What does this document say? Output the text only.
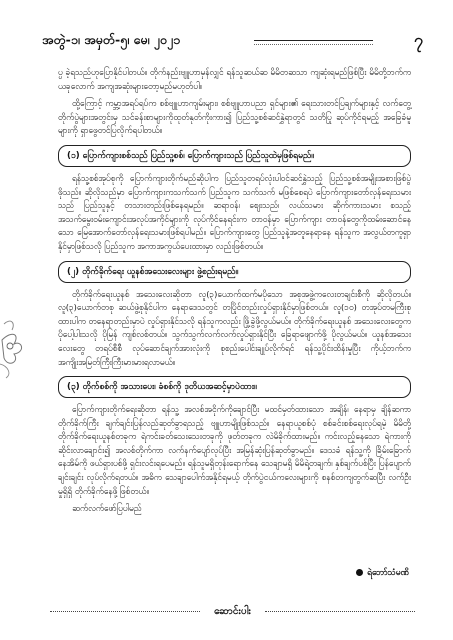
အတွဲ-၁၊ အမှတ်-၅၊ မေ၊ ၂၀၂၁	၇

ပ္ပ ခဲ့ရသည်ဟုပြောနိုင်ပါတယ်။ တိုက်နည်းဗျူဟာမှန်လျှင် ရန်သူဆယ်ဆ မိမိတဆသာ ကျဆုံးရမည်ဖြစ်ပြီး မိမိတို့ဘက်က ယခုလောက် အကျအဆုံးများတော့မည်မဟုတ်ပါ။

ထို့ကြောင့် ကမ္ဘာ့အရပ်ရပ်က စစ်ဗျူဟာကျမ်းများ၊ စစ်ဗျူဟာပညာ ရှင်များ၏ ရေးသားတင်ပြချက်များနှင့် လက်တွေ့တိုက်ပွဲများအတွင်းမှ သင်ခန်းစာများကိုထုတ်နုတ်ကိုးကား၍ ပြည်သူ့စစ်ဆင်နွှဲရာတွင် သတိပြု ဆုပ်ကိုင်ရမည့် အခြေခံမူများကို ရှာဖွေတင်ပြလိုက်ရပါတယ်။

(၁) ပြောက်ကျားစစ်သည် ပြည်သူ့စစ်၊ ပြောက်ကျားသည် ပြည်သူထဲမှဖြစ်ရမည်။

ရန်သူ့စစ်အုပ်စုကို ပြောက်ကျားတိုက်မည်ဆိုပါက ပြည်သူတရပ်လုံးပါဝင်ဆင်နွှဲသည့် ပြည်သူ့စစ်အမျိုးအစားဖြစ်ပွဲဖိုသည်။ ဆိုလိုသည်မှာ ပြောက်ကျားကသက်သက် ပြည်သူက သက်သက် မဖြစ်စေရပဲ ပြောက်ကျားတော်လှန်ရေးသမားသည် ပြည်သူနှင့် တသားတည်းဖြစ်နေရမည်။ ဆရာဝန်၊ စျေးသည်၊ လယ်သမား ဆိုက်ကားသမား စသည့် အသက်မွေးဝမ်းကျောင်းအလုပ်အကိုင်များကို လုပ်ကိုင်နေရင်းက တာဝန်မှာ ပြောက်ကျား တာဝန်တွေကိုထမ်းဆောင်နေသော မြေအောက်တော်လှန်ရေးသမားဖြစ်ရပါမည်။ ပြောက်ကျားတွေ ပြည်သူနဲ့အတူနေရာနေ ရန်သူက အလွယ်တကူရှာနိုင်မှာဖြစ်သလို ပြည်သူက အကာအကွယ်ပေးထားမှာ လည်းဖြစ်တယ်။

(၂) တိုက်ခိုက်ရေး ယူနစ်အသေးလေးများ ဖွဲ့စည်းရမည်။

တိုက်ခိုက်ရေးယူနစ် အသေးလေးဆိုတာ လူ(၃)ယောက်ထက်မပိုသော အစုအဖွဲ့ကလေးတချင်းစီကို ဆိုလိုတယ်။ လူ(၃)ယောက်တစု ဆယ်ဖွဲ့စုနိုင်ပါက နေရာဒေသတွင် တပြိုင်တည်းလှုပ်ရှားနိုင်မှာဖြစ်တယ်။ လူ(၁၀) တအုပ်တမကြီးစုထားပါက တနေရာတည်းမှာပဲ လှုပ်ရှားနိုင်သလို ရန်သူကလည်း ဖြို့ခွဲဖို့လွယ်မယ်။ တိုက်ခိုက်ရေးယူနစ် အသေးလေးတွေက ပိုပေါ့ပါးသလို ပိုမြန် ကျစ်လစ်တယ်။ သွက်သွက်လက်လက်လှုပ်ရှားနိုင်ပြီး ခြေရာဖျောက်ဖို့ ပိုလွယ်မယ်။ ယူနစ်အသေးလေးတွေ တရပ်စီစီ လုပ်ဆောင်ချက်အားလုံးကို စုစည်းပေါင်းချုပ်လိုက်ရင် ရန်သူ့ပိုင်းထိန်းမှုပြီး ကိုယ့်ဘက်က အကျိုးအမြတ်ကြီးကြီးမားမားရလာမယ်။

(၃) တိုက်စစ်ကို အသားပေး၊ ခံစစ်ကို ဒုတိယအဆင့်မှာပဲထား။

ပြောက်ကျားတိုက်ရေးဆိုတာ ရန်သူ့ အလစ်အငိုက်ကိုချောင်ပြီး မထင်မှတ်ထားသော အချိန်၊ နေရာမှ ချိန်ဆကာတိုက်ခိုက်ကြီး ချက်ချင်းပြန်လည်ဆုတ်ခွာရသည့် ဗျူဟာမျိုးဖြစ်သည်။ နေရာယူစစ်ပုံ စစ်ခင်းစစ်ရေးလုပ်ရမဲ့ မိမိတို့ တိုက်ခိုက်ရေးယူနစ်တခုက ရဲကင်းခတ်သေးသေးတခုကို ဖုတ်တခုက လဲမိခိုက်ထားမည်။ ကင်းလည့်နေသော ရဲကားကို ဆိုင်းလာချောင်း၍ အလစ်တိုက်ကာ လက်နက်ပျော်လုပ်ပြီး အမြန်ဆုံးပြန်ဆုတ်ခွာမည်။ ဒေသခံ ရန်သူ့ကို ခြိမ်းခြောက်နေအိမ်ကို ဖယ်ရှားပစ်ဖို့ ရှင်းလင်းရပေမည်။ ရန်သူမရှိတုန်းရောက်နေ သေချာမရှိ မိမိရဲ့တချက်၊ နှစ်ချက်ပစ်ပြီး ပြန်ပျောက်ချင်းချင်း လုပ်လိုက်ရတယ်။ အဓိက သေချာပေါက်အနိုင်ရမယ့် တိုက်ပွဲငယ်ကလေးများကို စနစ်တကျတွက်ဆပြီး လက်ဦးမှုရှိရှိ တိုက်ခိုက်နေဖို့ဖြစ်တယ်။

ဆက်လက်ဖော်ပြပါမည်
ရဲဘော်သံမဏိ
ဆောင်းပါး
